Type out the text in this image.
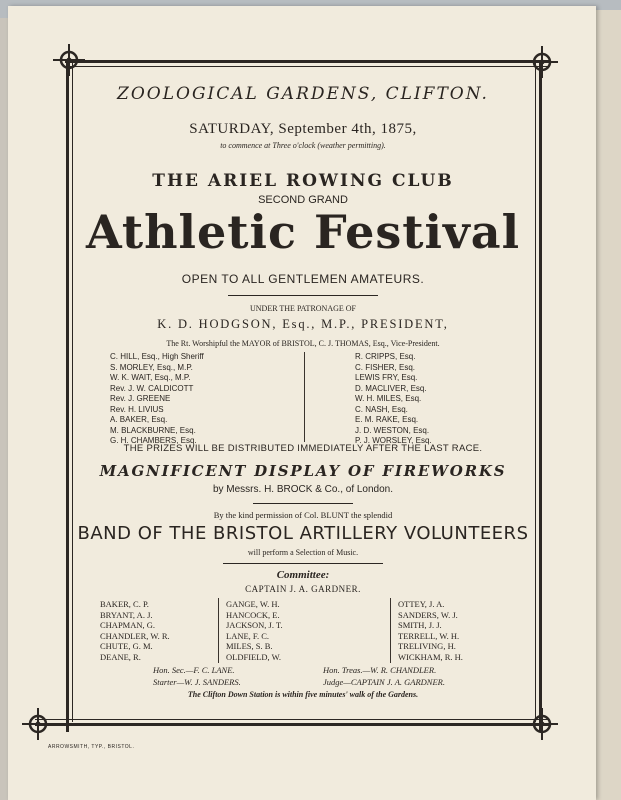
ZOOLOGICAL GARDENS, CLIFTON.
SATURDAY, September 4th, 1875,
to commence at Three o'clock (weather permitting).
THE ARIEL ROWING CLUB
SECOND GRAND
Athletic Festival
OPEN TO ALL GENTLEMEN AMATEURS.
UNDER THE PATRONAGE OF
K. D. HODGSON, Esq., M.P., PRESIDENT,
The Rt. Worshipful the MAYOR of BRISTOL, C. J. THOMAS, Esq., Vice-President.
C. HILL, Esq., High Sheriff
S. MORLEY, Esq., M.P.
W. K. WAIT, Esq., M.P.
Rev. J. W. CALDICOTT
Rev. J. GREENE
Rev. H. LIVIUS
A. BAKER, Esq.
M. BLACKBURNE, Esq.
G. H. CHAMBERS, Esq.
R. CRIPPS, Esq.
C. FISHER, Esq.
LEWIS FRY, Esq.
D. MACLIVER, Esq.
W. H. MILES, Esq.
C. NASH, Esq.
E. M. RAKE, Esq.
J. D. WESTON, Esq.
P. J. WORSLEY, Esq.
THE PRIZES WILL BE DISTRIBUTED IMMEDIATELY AFTER THE LAST RACE.
MAGNIFICENT DISPLAY OF FIREWORKS
by Messrs. H. BROCK & Co., of London.
By the kind permission of Col. BLUNT the splendid
BAND OF THE BRISTOL ARTILLERY VOLUNTEERS
will perform a Selection of Music.
Committee:
CAPTAIN J. A. GARDNER.
BAKER, C. P.
BRYANT, A. J.
CHAPMAN, G.
CHANDLER, W. R.
CHUTE, G. M.
DEANE, R.
GANGE, W. H.
HANCOCK, E.
JACKSON, J. T.
LANE, F. C.
MILES, S. B.
OLDFIELD, W.
OTTEY, J. A.
SANDERS, W. J.
SMITH, J. J.
TERRELL, W. H.
TRELIVING, H.
WICKHAM, R. H.
Hon. Sec.—F. C. LANE.	Hon. Treas.—W. R. CHANDLER.
Starter—W. J. SANDERS.	Judge—CAPTAIN J. A. GARDNER.
The Clifton Down Station is within five minutes' walk of the Gardens.
ARROWSMITH, TYP., BRISTOL.
